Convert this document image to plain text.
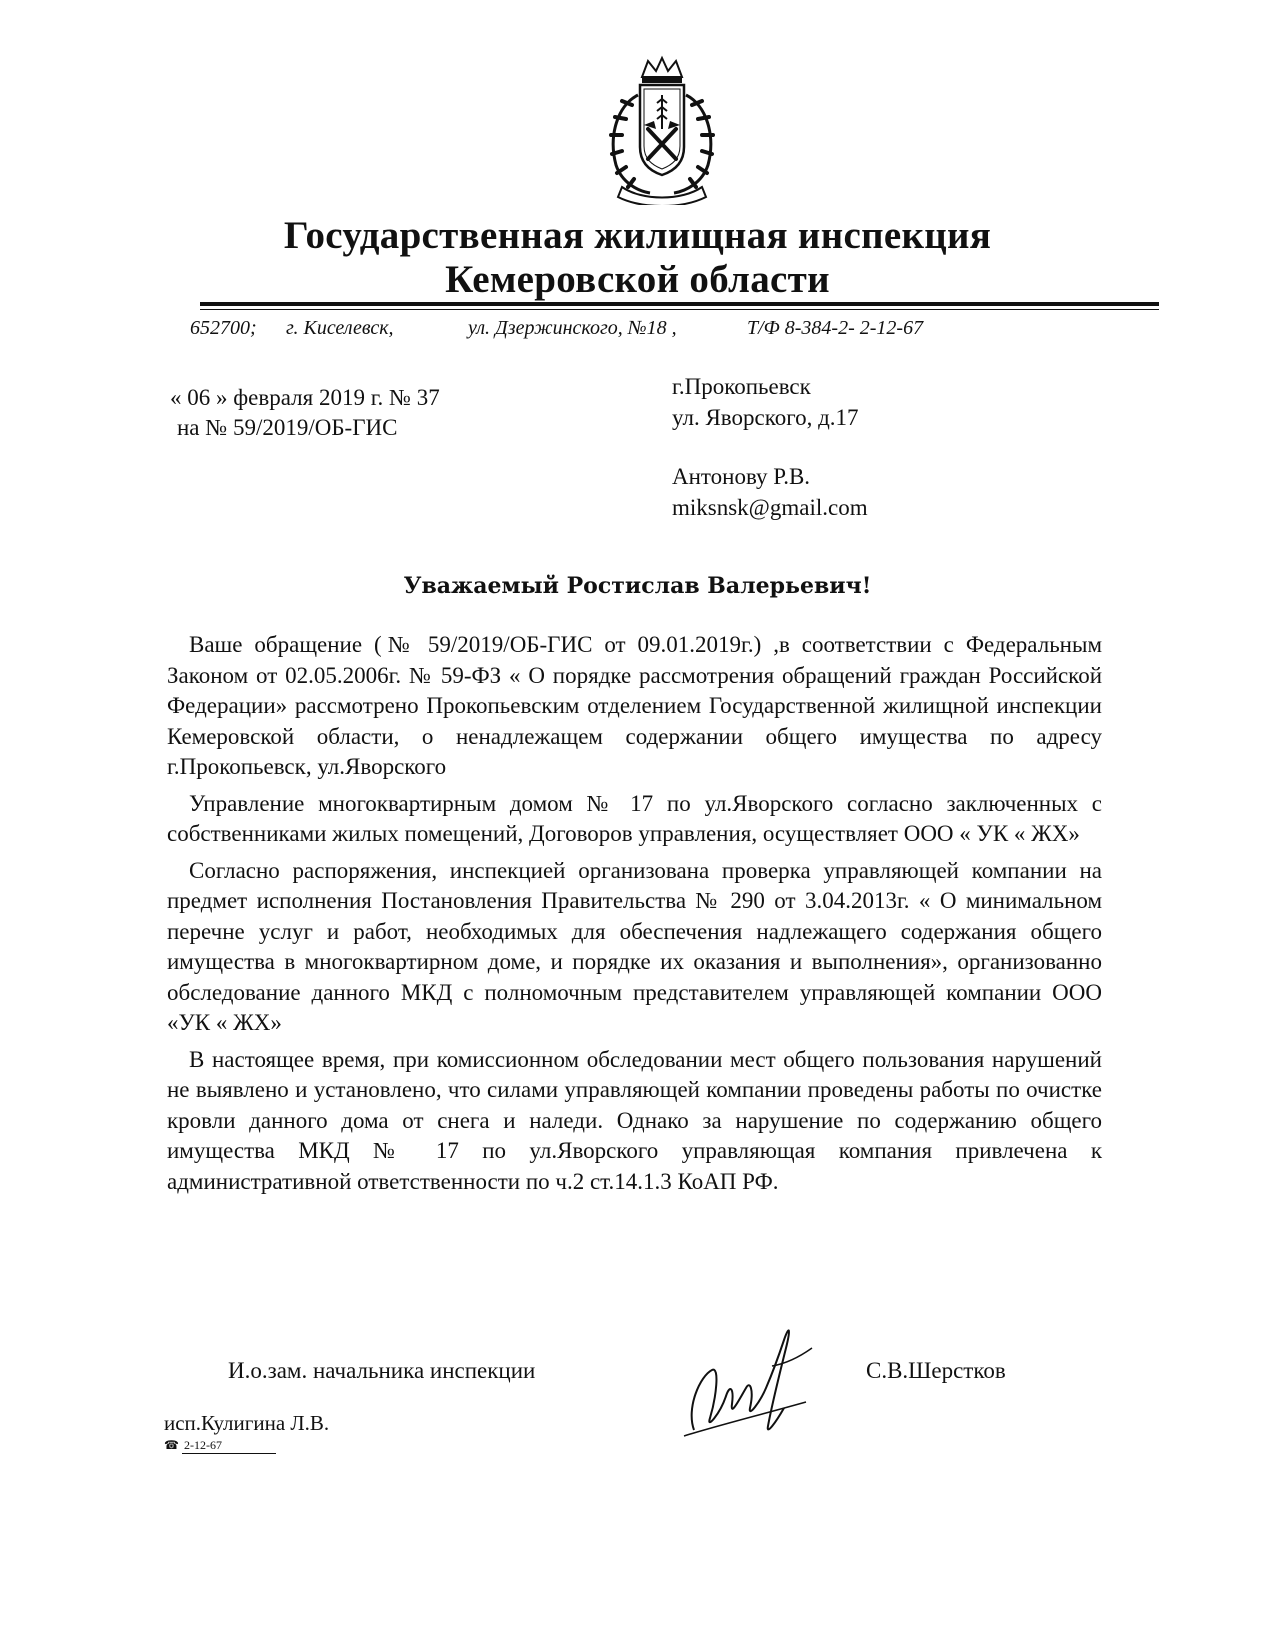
Государственная жилищная инспекция
Кемеровской области
652700; г. Киселевск,	ул. Дзержинского, №18 ,	Т/Ф 8-384-2- 2-12-67
« 06 » февраля 2019 г. № 37
на № 59/2019/ОБ-ГИС
г.Прокопьевск
ул. Яворского, д.17
Антонову Р.В.
miksnsk@gmail.com
Уважаемый Ростислав Валерьевич!

Ваше обращение (№ 59/2019/ОБ-ГИС от 09.01.2019г.) ,в соответствии с Федеральным Законом от 02.05.2006г. № 59-ФЗ « О порядке рассмотрения обращений граждан Российской Федерации» рассмотрено Прокопьевским отделением Государственной жилищной инспекции Кемеровской области, о ненадлежащем содержании общего имущества по адресу г.Прокопьевск, ул.Яворского

Управление многоквартирным домом № 17 по ул.Яворского согласно заключенных с собственниками жилых помещений, Договоров управления, осуществляет ООО « УК « ЖХ»

Согласно распоряжения, инспекцией организована проверка управляющей компании на предмет исполнения Постановления Правительства № 290 от 3.04.2013г. « О минимальном перечне услуг и работ, необходимых для обеспечения надлежащего содержания общего имущества в многоквартирном доме, и порядке их оказания и выполнения», организованно обследование данного МКД с полномочным представителем управляющей компании ООО «УК « ЖХ»

В настоящее время, при комиссионном обследовании мест общего пользования нарушений не выявлено и установлено, что силами управляющей компании проведены работы по очистке кровли данного дома от снега и наледи. Однако за нарушение по содержанию общего имущества МКД № 17 по ул.Яворского управляющая компания привлечена к административной ответственности по ч.2 ст.14.1.3 КоАП РФ.

И.о.зам. начальника инспекции	С.В.Шерстков
исп.Кулигина Л.В.
☎ 2-12-67
